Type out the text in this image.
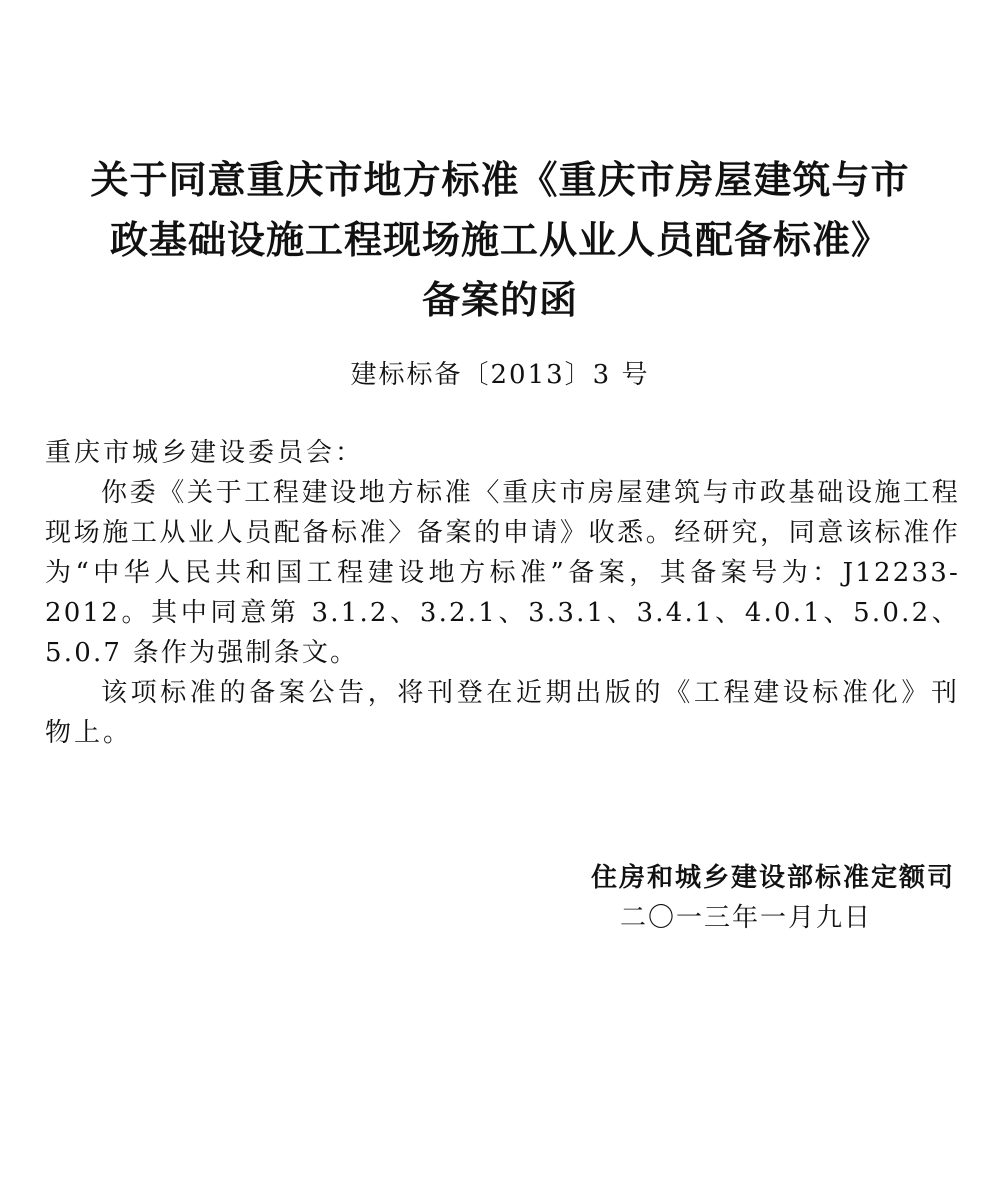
关于同意重庆市地方标准《重庆市房屋建筑与市
政基础设施工程现场施工从业人员配备标准》
备案的函
建标标备〔2013〕3 号
重庆市城乡建设委员会：

你委《关于工程建设地方标准〈重庆市房屋建筑与市政基础设施工程现场施工从业人员配备标准〉备案的申请》收悉。经研究，同意该标准作为“中华人民共和国工程建设地方标准”备案，其备案号为：J12233-2012。其中同意第 3.1.2、3.2.1、3.3.1、3.4.1、4.0.1、5.0.2、5.0.7 条作为强制条文。

该项标准的备案公告，将刊登在近期出版的《工程建设标准化》刊物上。

住房和城乡建设部标准定额司
二〇一三年一月九日
